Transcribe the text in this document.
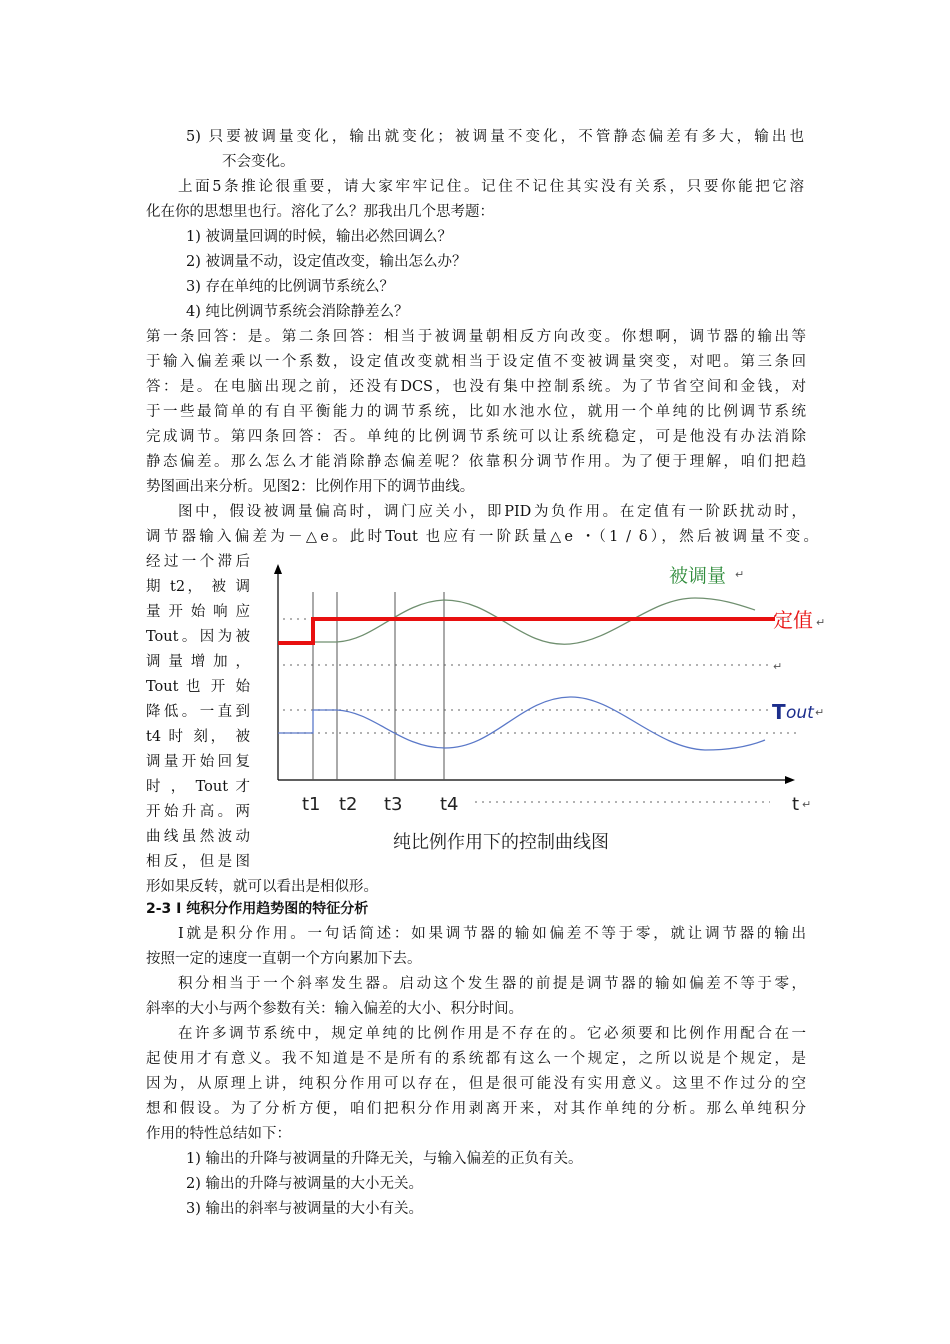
5) 只要被调量变化，输出就变化；被调量不变化，不管静态偏差有多大，输出也
不会变化。
上面5条推论很重要，请大家牢牢记住。记住不记住其实没有关系，只要你能把它溶
化在你的思想里也行。溶化了么？那我出几个思考题：
1) 被调量回调的时候，输出必然回调么？
2) 被调量不动，设定值改变，输出怎么办？
3) 存在单纯的比例调节系统么？
4) 纯比例调节系统会消除静差么？
第一条回答：是。第二条回答：相当于被调量朝相反方向改变。你想啊，调节器的输出等
于输入偏差乘以一个系数，设定值改变就相当于设定值不变被调量突变，对吧。第三条回
答：是。在电脑出现之前，还没有DCS，也没有集中控制系统。为了节省空间和金钱，对
于一些最简单的有自平衡能力的调节系统，比如水池水位，就用一个单纯的比例调节系统
完成调节。第四条回答：否。单纯的比例调节系统可以让系统稳定，可是他没有办法消除
静态偏差。那么怎么才能消除静态偏差呢？依靠积分调节作用。为了便于理解，咱们把趋
势图画出来分析。见图2：比例作用下的调节曲线。
图中，假设被调量偏高时，调门应关小，即PID为负作用。在定值有一阶跃扰动时，
调节器输入偏差为－△e。此时Tout 也应有一阶跃量△e ・（1 / δ），然后被调量不变。
经过一个滞后
期 t2， 被 调
量 开 始 响 应
Tout。因为被
调 量 增 加 ，
Tout 也 开 始
降低。一直到
t4 时 刻， 被
调量开始回复
时 ， Tout 才
开始升高。两
曲线虽然波动
相反，但是图
形如果反转，就可以看出是相似形。
被调量 ↵
定值 ↵
↵
T out ↵
t1 t2 t3 t4	t ↵
纯比例作用下的控制曲线图
2-3 I 纯积分作用趋势图的特征分析
I就是积分作用。一句话简述：如果调节器的输如偏差不等于零，就让调节器的输出
按照一定的速度一直朝一个方向累加下去。
积分相当于一个斜率发生器。启动这个发生器的前提是调节器的输如偏差不等于零，
斜率的大小与两个参数有关：输入偏差的大小、积分时间。
在许多调节系统中，规定单纯的比例作用是不存在的。它必须要和比例作用配合在一
起使用才有意义。我不知道是不是所有的系统都有这么一个规定，之所以说是个规定，是
因为，从原理上讲，纯积分作用可以存在，但是很可能没有实用意义。这里不作过分的空
想和假设。为了分析方便，咱们把积分作用剥离开来，对其作单纯的分析。那么单纯积分
作用的特性总结如下：
1) 输出的升降与被调量的升降无关，与输入偏差的正负有关。
2) 输出的升降与被调量的大小无关。
3) 输出的斜率与被调量的大小有关。
